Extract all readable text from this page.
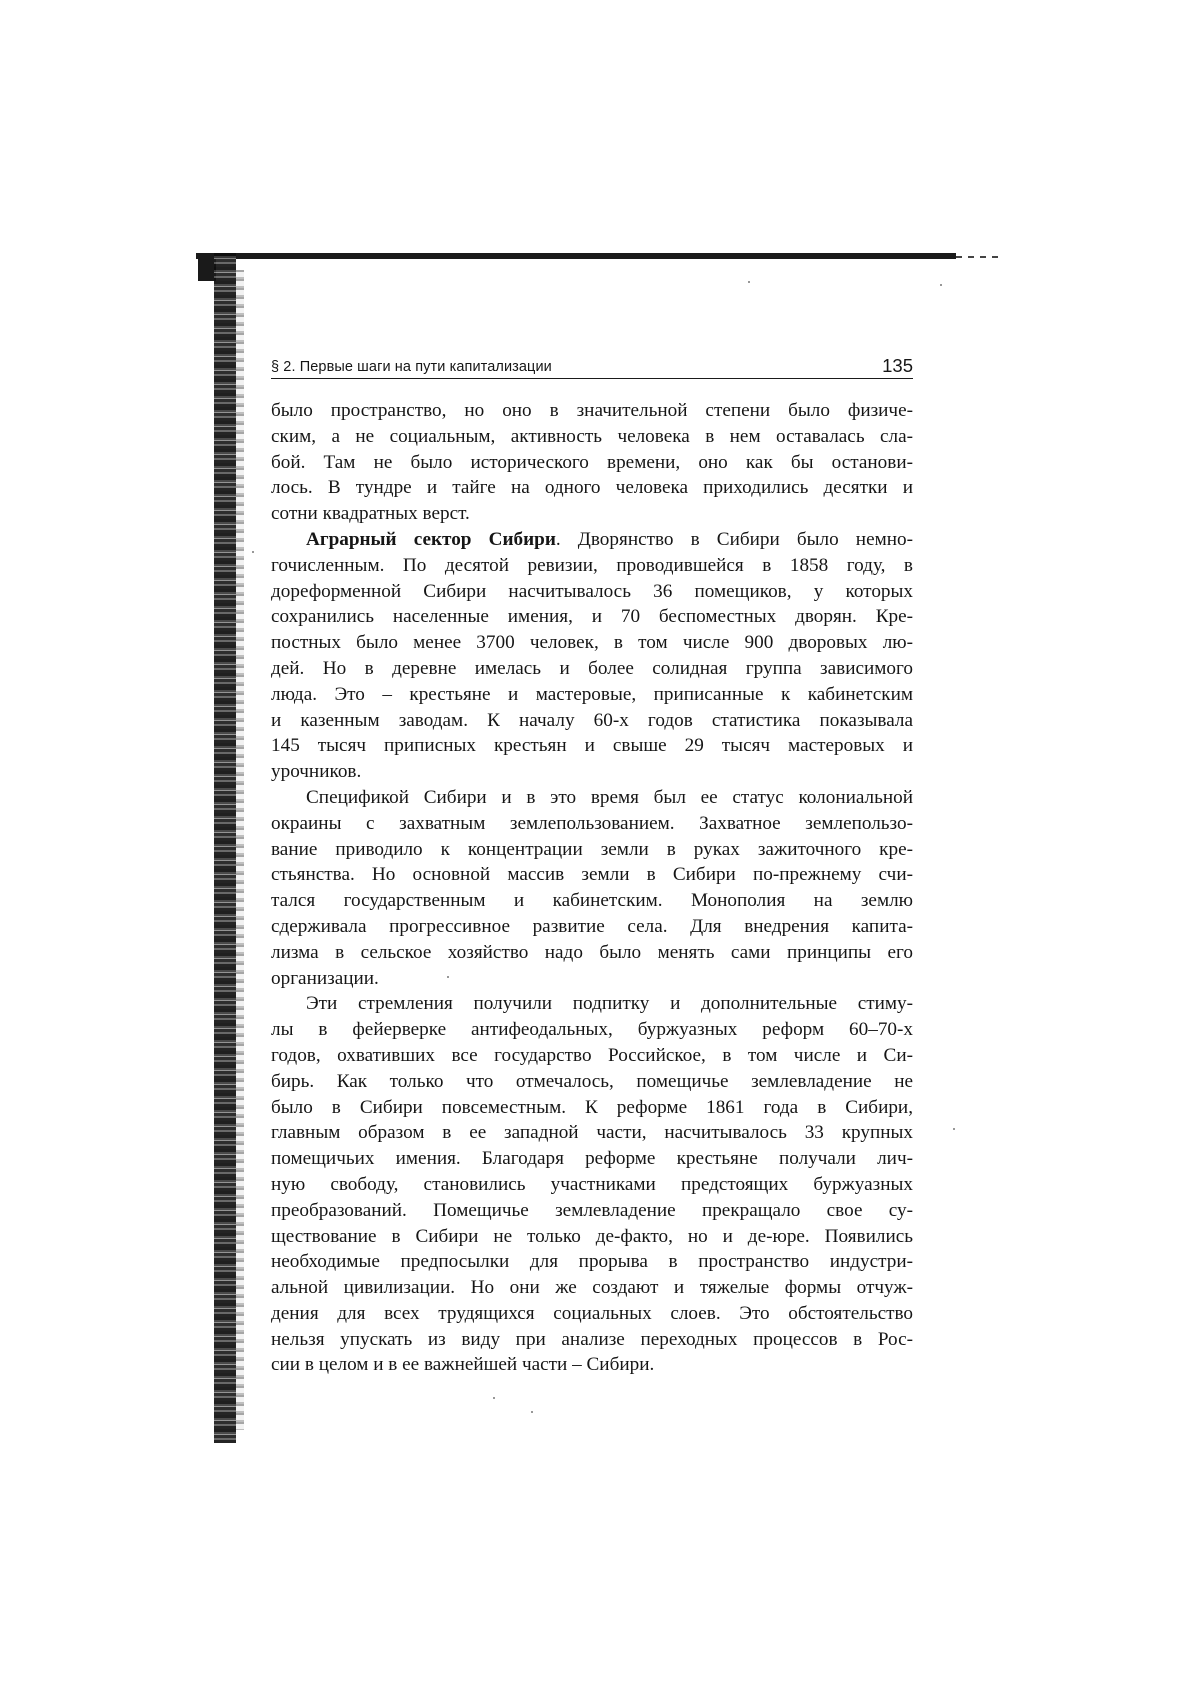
§ 2. Первые шаги на пути капитализации	135
было пространство, но оно в значительной степени было физиче-
ским, а не социальным, активность человека в нем оставалась сла-
бой. Там не было исторического времени, оно как бы останови-
лось. В тундре и тайге на одного человека приходились десятки и
сотни квадратных верст.
Аграрный сектор Сибири. Дворянство в Сибири было немно-
гочисленным. По десятой ревизии, проводившейся в 1858 году, в
дореформенной Сибири насчитывалось 36 помещиков, у которых
сохранились населенные имения, и 70 беспоместных дворян. Кре-
постных было менее 3700 человек, в том числе 900 дворовых лю-
дей. Но в деревне имелась и более солидная группа зависимого
люда. Это – крестьяне и мастеровые, приписанные к кабинетским
и казенным заводам. К началу 60-х годов статистика показывала
145 тысяч приписных крестьян и свыше 29 тысяч мастеровых и
урочников.
Спецификой Сибири и в это время был ее статус колониальной
окраины с захватным землепользованием. Захватное землепользо-
вание приводило к концентрации земли в руках зажиточного кре-
стьянства. Но основной массив земли в Сибири по-прежнему счи-
тался государственным и кабинетским. Монополия на землю
сдерживала прогрессивное развитие села. Для внедрения капита-
лизма в сельское хозяйство надо было менять сами принципы его
организации.
Эти стремления получили подпитку и дополнительные стиму-
лы в фейерверке антифеодальных, буржуазных реформ 60–70-х
годов, охвативших все государство Российское, в том числе и Си-
бирь. Как только что отмечалось, помещичье землевладение не
было в Сибири повсеместным. К реформе 1861 года в Сибири,
главным образом в ее западной части, насчитывалось 33 крупных
помещичьих имения. Благодаря реформе крестьяне получали лич-
ную свободу, становились участниками предстоящих буржуазных
преобразований. Помещичье землевладение прекращало свое су-
ществование в Сибири не только де-факто, но и де-юре. Появились
необходимые предпосылки для прорыва в пространство индустри-
альной цивилизации. Но они же создают и тяжелые формы отчуж-
дения для всех трудящихся социальных слоев. Это обстоятельство
нельзя упускать из виду при анализе переходных процессов в Рос-
сии в целом и в ее важнейшей части – Сибири.
